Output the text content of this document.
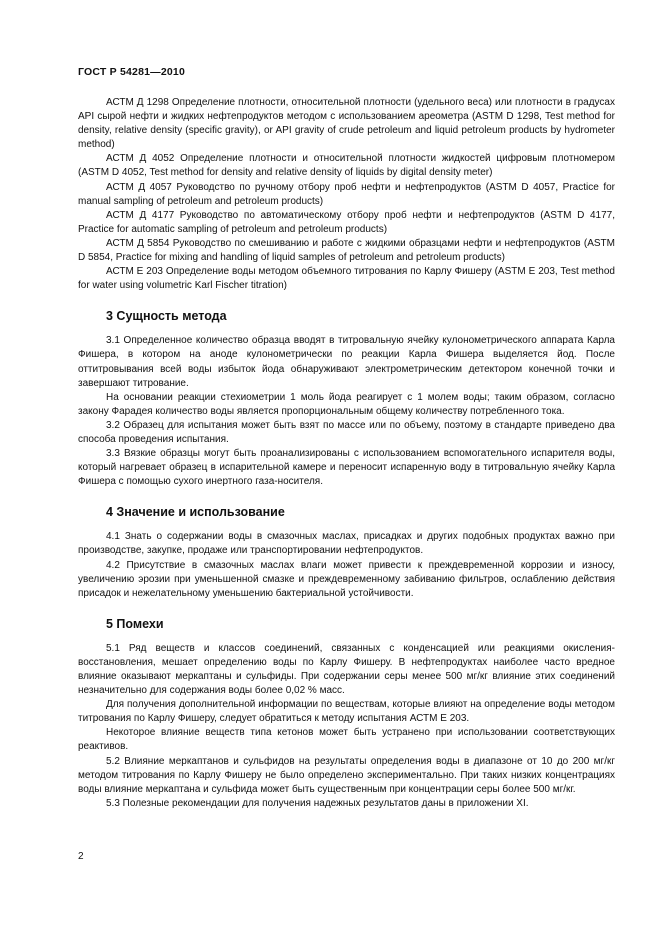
ГОСТ Р 54281—2010

АСТМ Д 1298 Определение плотности, относительной плотности (удельного веса) или плотности в градусах API сырой нефти и жидких нефтепродуктов методом с использованием ареометра (ASTM D 1298, Test method for density, relative density (specific gravity), or API gravity of crude petroleum and liquid petroleum products by hydrometer method)

АСТМ Д 4052 Определение плотности и относительной плотности жидкостей цифровым плотномером (ASTM D 4052, Test method for density and relative density of liquids by digital density meter)

АСТМ Д 4057 Руководство по ручному отбору проб нефти и нефтепродуктов (ASTM D 4057, Practice for manual sampling of petroleum and petroleum products)

АСТМ Д 4177 Руководство по автоматическому отбору проб нефти и нефтепродуктов (ASTM D 4177, Practice for automatic sampling of petroleum and petroleum products)

АСТМ Д 5854 Руководство по смешиванию и работе с жидкими образцами нефти и нефтепродуктов (ASTM D 5854, Practice for mixing and handling of liquid samples of petroleum and petroleum products)

АСТМ Е 203 Определение воды методом объемного титрования по Карлу Фишеру (ASTM E 203, Test method for water using volumetric Karl Fischer titration)

3 Сущность метода

3.1 Определенное количество образца вводят в титровальную ячейку кулонометрического аппарата Карла Фишера, в котором на аноде кулонометрически по реакции Карла Фишера выделяется йод. После оттитровывания всей воды избыток йода обнаруживают электрометрическим детектором конечной точки и завершают титрование.

На основании реакции стехиометрии 1 моль йода реагирует с 1 молем воды; таким образом, согласно закону Фарадея количество воды является пропорциональным общему количеству потребленного тока.

3.2 Образец для испытания может быть взят по массе или по объему, поэтому в стандарте приведено два способа проведения испытания.

3.3 Вязкие образцы могут быть проанализированы с использованием вспомогательного испарителя воды, который нагревает образец в испарительной камере и переносит испаренную воду в титровальную ячейку Карла Фишера с помощью сухого инертного газа-носителя.

4 Значение и использование

4.1 Знать о содержании воды в смазочных маслах, присадках и других подобных продуктах важно при производстве, закупке, продаже или транспортировании нефтепродуктов.

4.2 Присутствие в смазочных маслах влаги может привести к преждевременной коррозии и износу, увеличению эрозии при уменьшенной смазке и преждевременному забиванию фильтров, ослаблению действия присадок и нежелательному уменьшению бактериальной устойчивости.

5 Помехи

5.1 Ряд веществ и классов соединений, связанных с конденсацией или реакциями окисления-восстановления, мешает определению воды по Карлу Фишеру. В нефтепродуктах наиболее часто вредное влияние оказывают меркаптаны и сульфиды. При содержании серы менее 500 мг/кг влияние этих соединений незначительно для содержания воды более 0,02 % масс.

Для получения дополнительной информации по веществам, которые влияют на определение воды методом титрования по Карлу Фишеру, следует обратиться к методу испытания АСТМ Е 203.

Некоторое влияние веществ типа кетонов может быть устранено при использовании соответствующих реактивов.

5.2 Влияние меркаптанов и сульфидов на результаты определения воды в диапазоне от 10 до 200 мг/кг методом титрования по Карлу Фишеру не было определено экспериментально. При таких низких концентрациях воды влияние меркаптана и сульфида может быть существенным при концентрации серы более 500 мг/кг.

5.3 Полезные рекомендации для получения надежных результатов даны в приложении XI.

2
